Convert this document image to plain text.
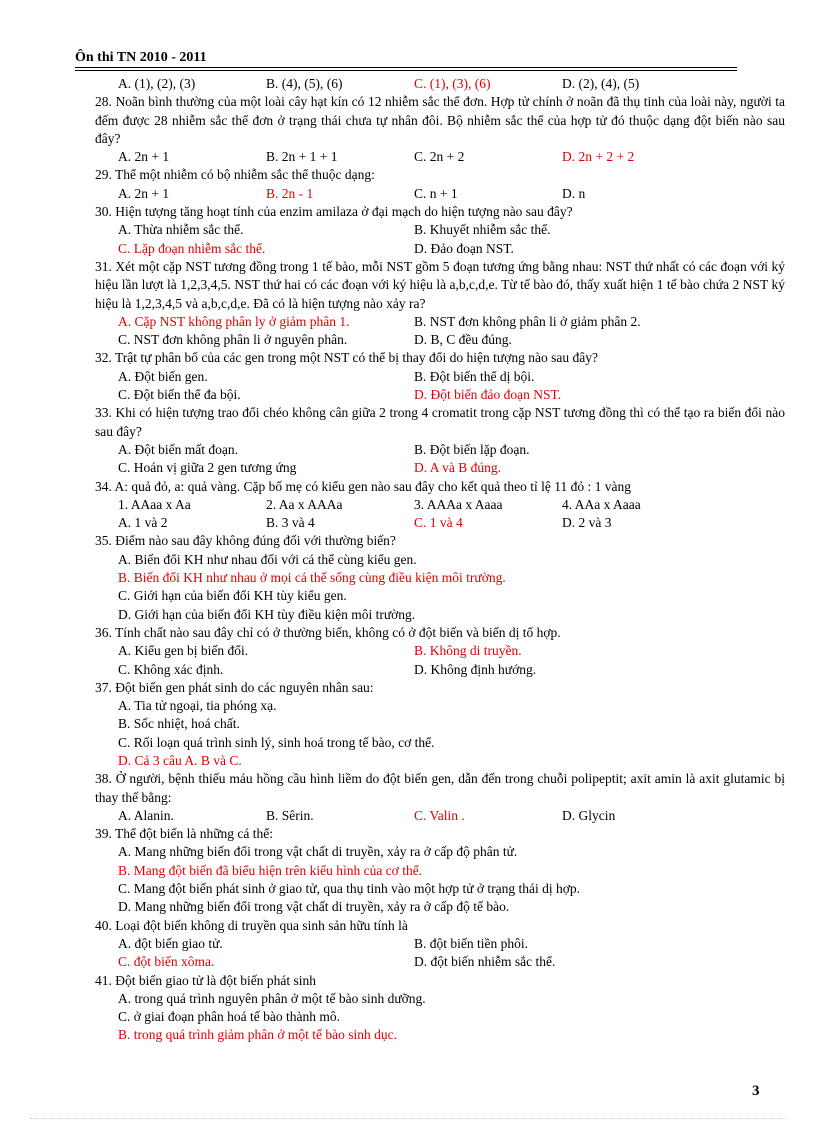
Ôn thi TN 2010 - 2011
A. (1), (2), (3)	B. (4), (5), (6)	C. (1), (3), (6)	D. (2), (4), (5)
28. Noãn bình thường của một loài cây hạt kín có 12 nhiễm sắc thể đơn. Hợp tử chính ở noãn đã thụ tinh của loài này, người ta đếm được 28 nhiễm sắc thể đơn ở trạng thái chưa tự nhân đôi. Bộ nhiễm sắc thể của hợp tử đó thuộc dạng đột biến nào sau đây?
A. 2n + 1	B. 2n + 1 + 1	C. 2n + 2	D. 2n + 2 + 2
29. Thể một nhiễm có bộ nhiễm sắc thể thuộc dạng:
A. 2n + 1	B. 2n - 1	C. n + 1	D. n
30. Hiện tượng tăng hoạt tính của enzim amilaza ở đại mạch do hiện tượng nào sau đây?
A. Thừa nhiễm sắc thể.	B. Khuyết nhiễm sắc thể.
C. Lặp đoạn nhiễm sắc thể.	D. Đảo đoạn NST.
31. Xét một cặp NST tương đồng trong 1 tế bào, mỗi NST gồm 5 đoạn tương ứng bằng nhau: NST thứ nhất có các đoạn với ký hiệu lần lượt là 1,2,3,4,5. NST thứ hai có các đoạn với ký hiệu là a,b,c,d,e. Từ tế bào đó, thấy xuất hiện 1 tế bào chứa 2 NST ký hiệu là 1,2,3,4,5 và a,b,c,d,e. Đã có là hiện tượng nào xảy ra?
A. Cặp NST không phân ly ở giảm phân 1.	B. NST đơn không phân li ở giảm phân 2.
C. NST đơn không phân li ở nguyên phân.	D. B, C đều đúng.
32. Trật tự phân bố của các gen trong một NST có thể bị thay đổi do hiện tượng nào sau đây?
A. Đột biến gen.	B. Đột biến thể dị bội.
C. Đột biến thể đa bội.	D. Đột biến đảo đoạn NST.
33. Khi có hiện tượng trao đổi chéo không cân giữa 2 trong 4 cromatit trong cặp NST tương đồng thì có thể tạo ra biến đổi nào sau đây?
A. Đột biến mất đoạn.	B. Đột biến lặp đoạn.
C. Hoán vị giữa 2 gen tương ứng	D. A và B đúng.
34. A: quả đỏ, a: quả vàng. Cặp bố mẹ có kiểu gen nào sau đây cho kết quả theo tỉ lệ 11 đỏ : 1 vàng
1. AAaa x Aa	2. Aa x AAAa	3. AAAa x Aaaa	4. AAa x Aaaa
A. 1 và 2	B. 3 và 4	C. 1 và 4	D. 2 và 3
35. Điểm nào sau đây không đúng đối với thường biến?
A. Biến đổi KH như nhau đối với cá thể cùng kiểu gen.
B. Biến đổi KH như nhau ở mọi cá thể sống cùng điều kiện môi trường.
C. Giới hạn của biến đổi KH tùy kiểu gen.
D. Giới hạn của biến đổi KH tùy điều kiện môi trường.
36. Tính chất nào sau đây chỉ có ở thường biến, không có ở đột biến và biến dị tổ hợp.
A. Kiểu gen bị biến đổi.	B. Không di truyền.
C. Không xác định.	D. Không định hướng.
37. Đột biến gen phát sinh do các nguyên nhân sau:
A. Tia tử ngoại, tia phóng xạ.
B. Sốc nhiệt, hoá chất.
C. Rối loạn quá trình sinh lý, sinh hoá trong tế bào, cơ thể.
D. Cả 3 câu A. B và C.
38. Ở người, bệnh thiếu máu hồng cầu hình liềm do đột biến gen, dẫn đến trong chuỗi polipeptit; axit amin là axit glutamic bị thay thế bằng:
A. Alanin.	B. Sêrin.	C. Valin .	D. Glycin
39. Thể đột biến là những cá thể:
A. Mang những biến đổi trong vật chất di truyền, xảy ra ở cấp độ phân tử.
B. Mang đột biến đã biểu hiện trên kiểu hình của cơ thể.
C. Mang đột biến phát sinh ở giao tử, qua thụ tinh vào một hợp tử ở trạng thái dị hợp.
D. Mang những biến đổi trong vật chất di truyền, xảy ra ở cấp độ tế bào.
40. Loại đột biến không di truyền qua sinh sản hữu tính là
A. đột biến giao tử.	B. đột biến tiền phôi.
C. đột biến xôma.	D. đột biến nhiễm sắc thể.
41. Đột biến giao tử là đột biến phát sinh
A. trong quá trình nguyên phân ở một tế bào sinh dưỡng.
C. ở giai đoạn phân hoá tế bào thành mô.
B. trong quá trình giảm phân ở một tế bào sinh dục.
3
